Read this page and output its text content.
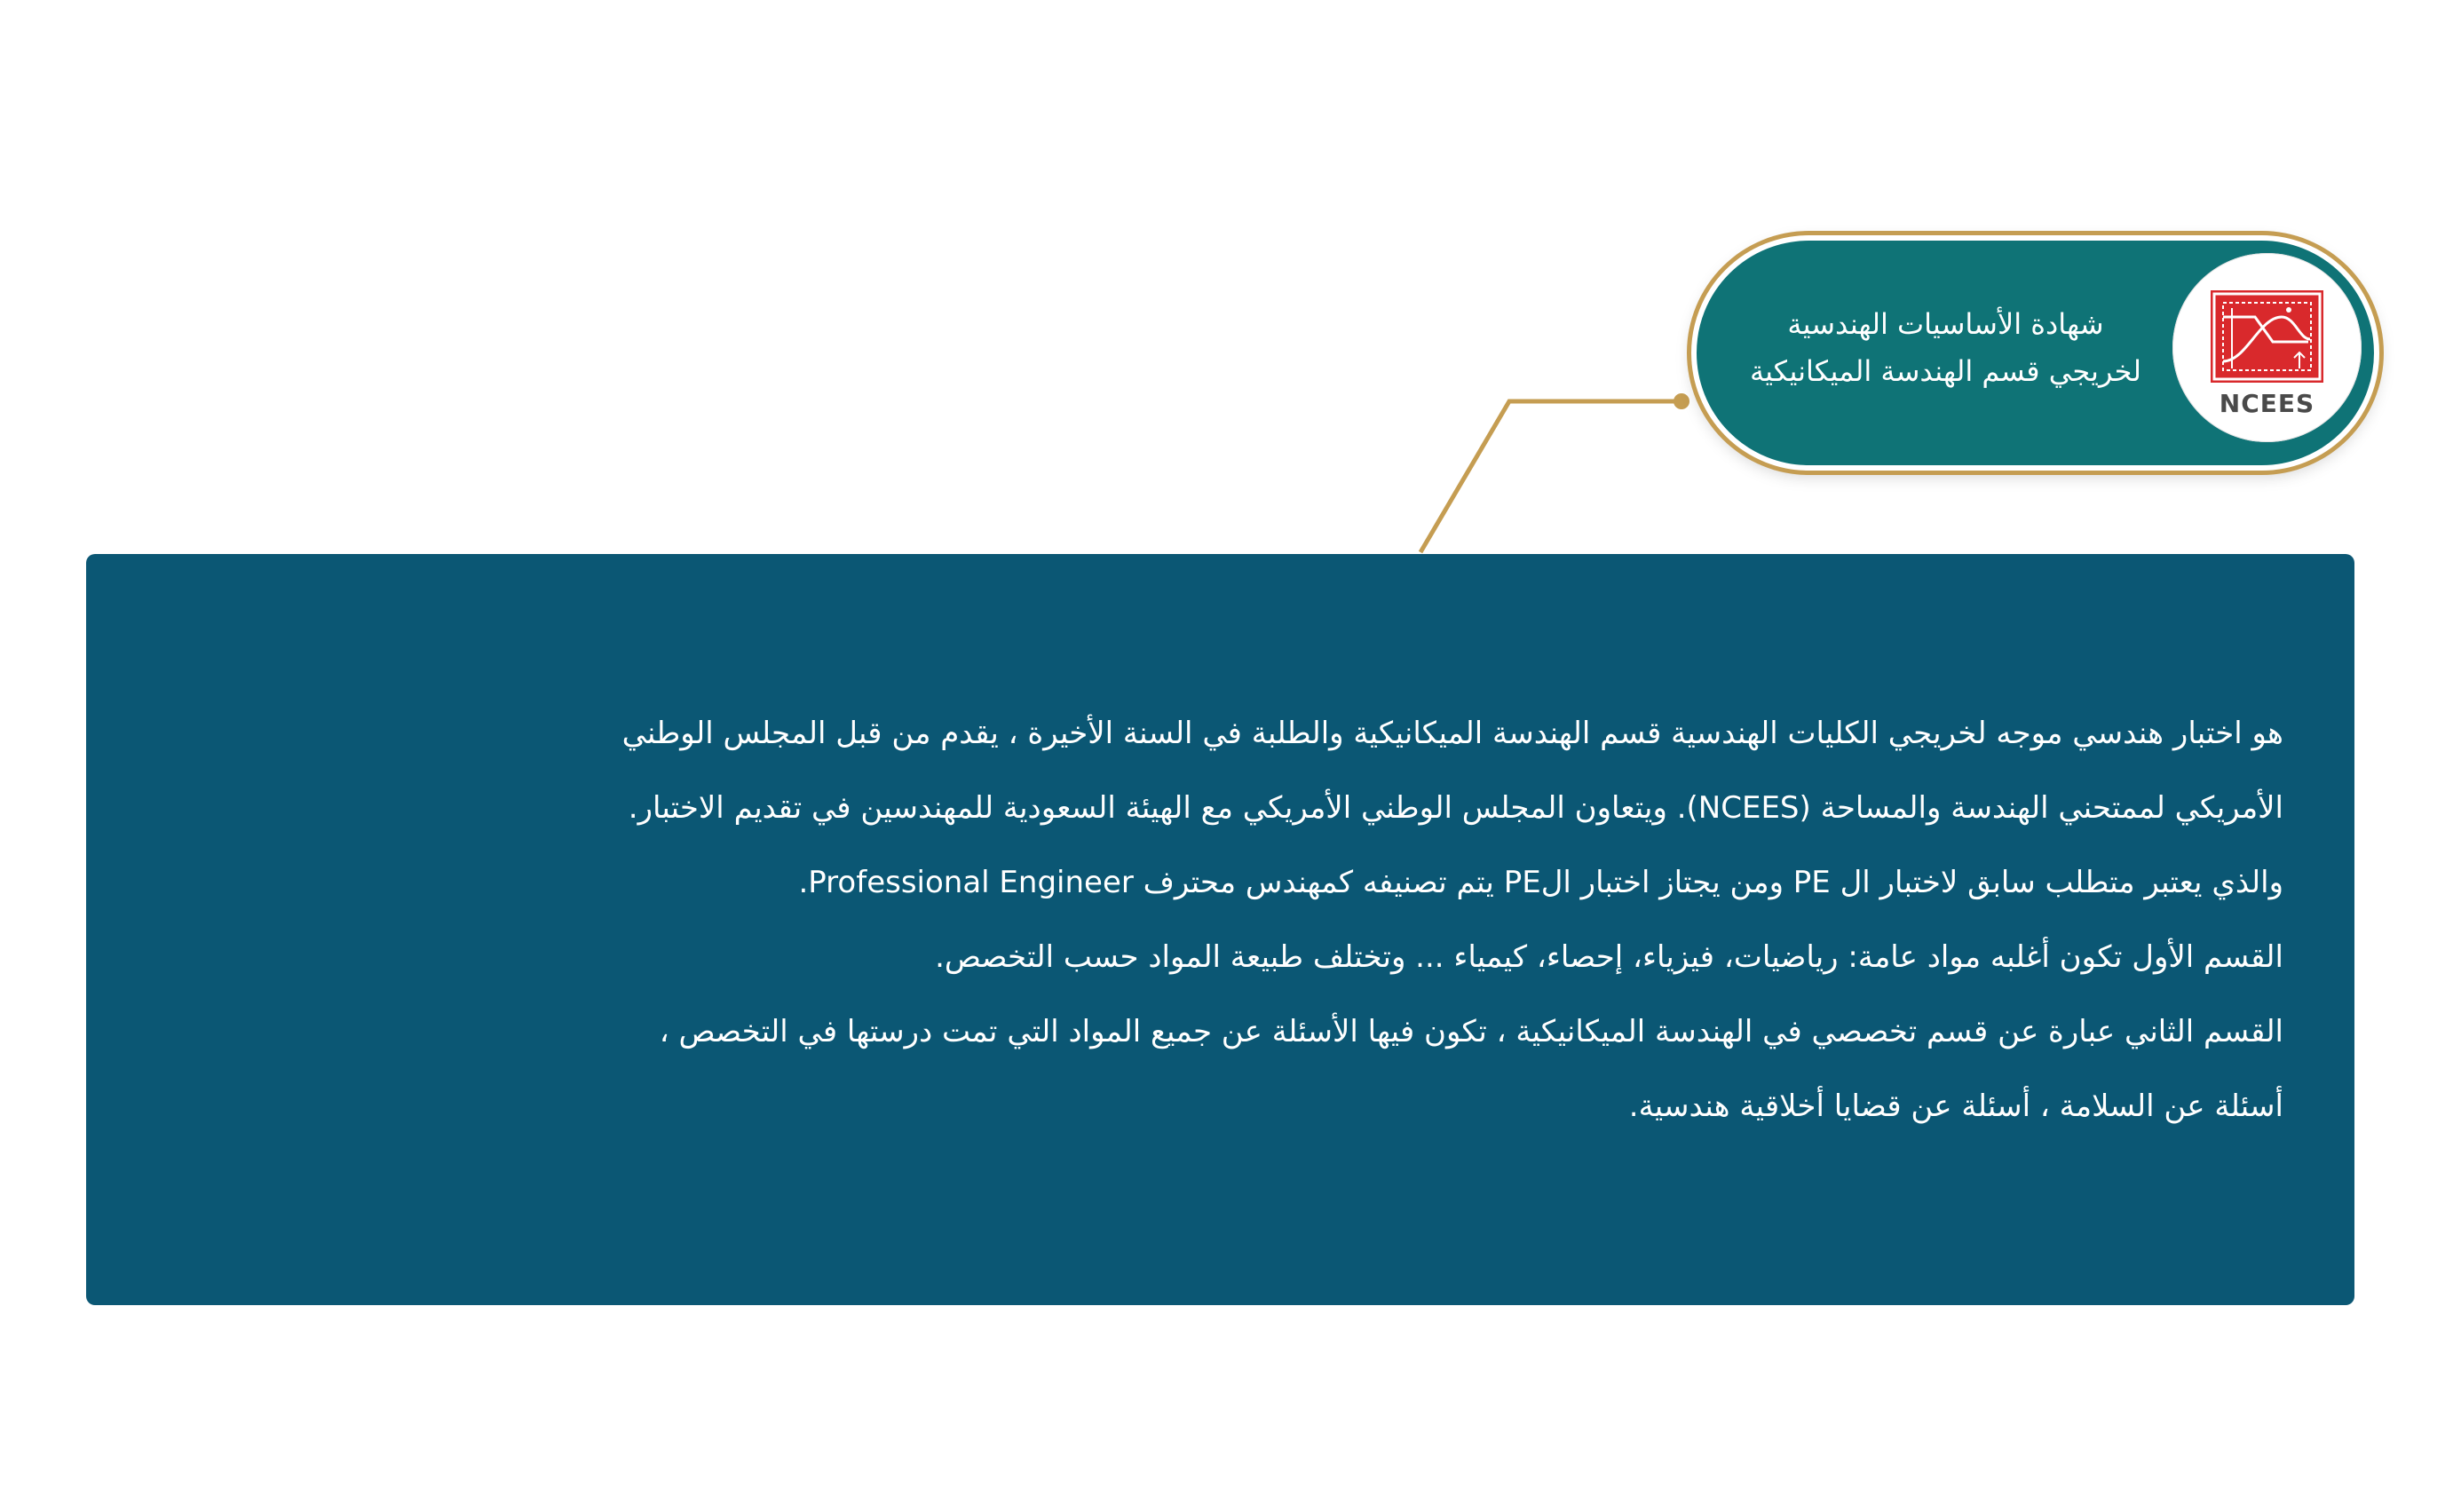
شهادة الأساسيات الهندسية
لخريجي قسم الهندسة الميكانيكية
NCEES
هو اختبار هندسي موجه لخريجي الكليات الهندسية قسم الهندسة الميكانيكية والطلبة في السنة الأخيرة ، يقدم من قبل المجلس الوطني
الأمريكي لممتحني الهندسة والمساحة (NCEES). ويتعاون المجلس الوطني الأمريكي مع الهيئة السعودية للمهندسين في تقديم الاختبار.
والذي يعتبر متطلب سابق لاختبار ال PE ومن يجتاز اختبار الPE يتم تصنيفه كمهندس محترف Professional Engineer.
القسم الأول تكون أغلبه مواد عامة: رياضيات، فيزياء، إحصاء، كيمياء ... وتختلف طبيعة المواد حسب التخصص.
القسم الثاني عبارة عن قسم تخصصي في الهندسة الميكانيكية ، تكون فيها الأسئلة عن جميع المواد التي تمت درستها في التخصص ،
أسئلة عن السلامة ، أسئلة عن قضايا أخلاقية هندسية.
